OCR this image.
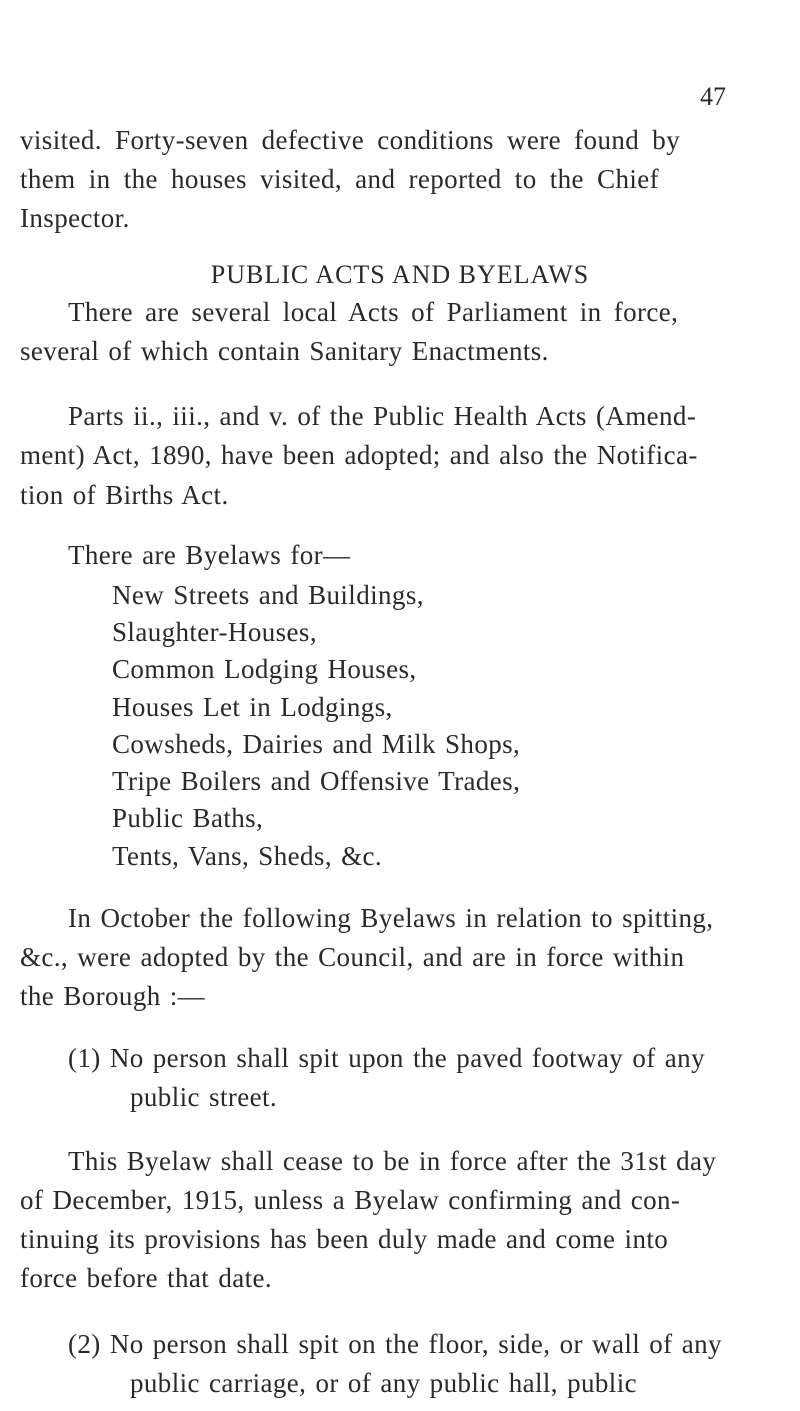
47
visited. Forty-seven defective conditions were found by
them in the houses visited, and reported to the Chief
Inspector.
PUBLIC ACTS AND BYELAWS
There are several local Acts of Parliament in force,
several of which contain Sanitary Enactments.
Parts ii., iii., and v. of the Public Health Acts (Amend-
ment) Act, 1890, have been adopted; and also the Notifica-
tion of Births Act.
There are Byelaws for—
New Streets and Buildings,
Slaughter-Houses,
Common Lodging Houses,
Houses Let in Lodgings,
Cowsheds, Dairies and Milk Shops,
Tripe Boilers and Offensive Trades,
Public Baths,
Tents, Vans, Sheds, &c.
In October the following Byelaws in relation to spitting,
&c., were adopted by the Council, and are in force within
the Borough :—
(1) No person shall spit upon the paved footway of any
public street.
This Byelaw shall cease to be in force after the 31st day
of December, 1915, unless a Byelaw confirming and con-
tinuing its provisions has been duly made and come into
force before that date.
(2) No person shall spit on the floor, side, or wall of any
public carriage, or of any public hall, public
